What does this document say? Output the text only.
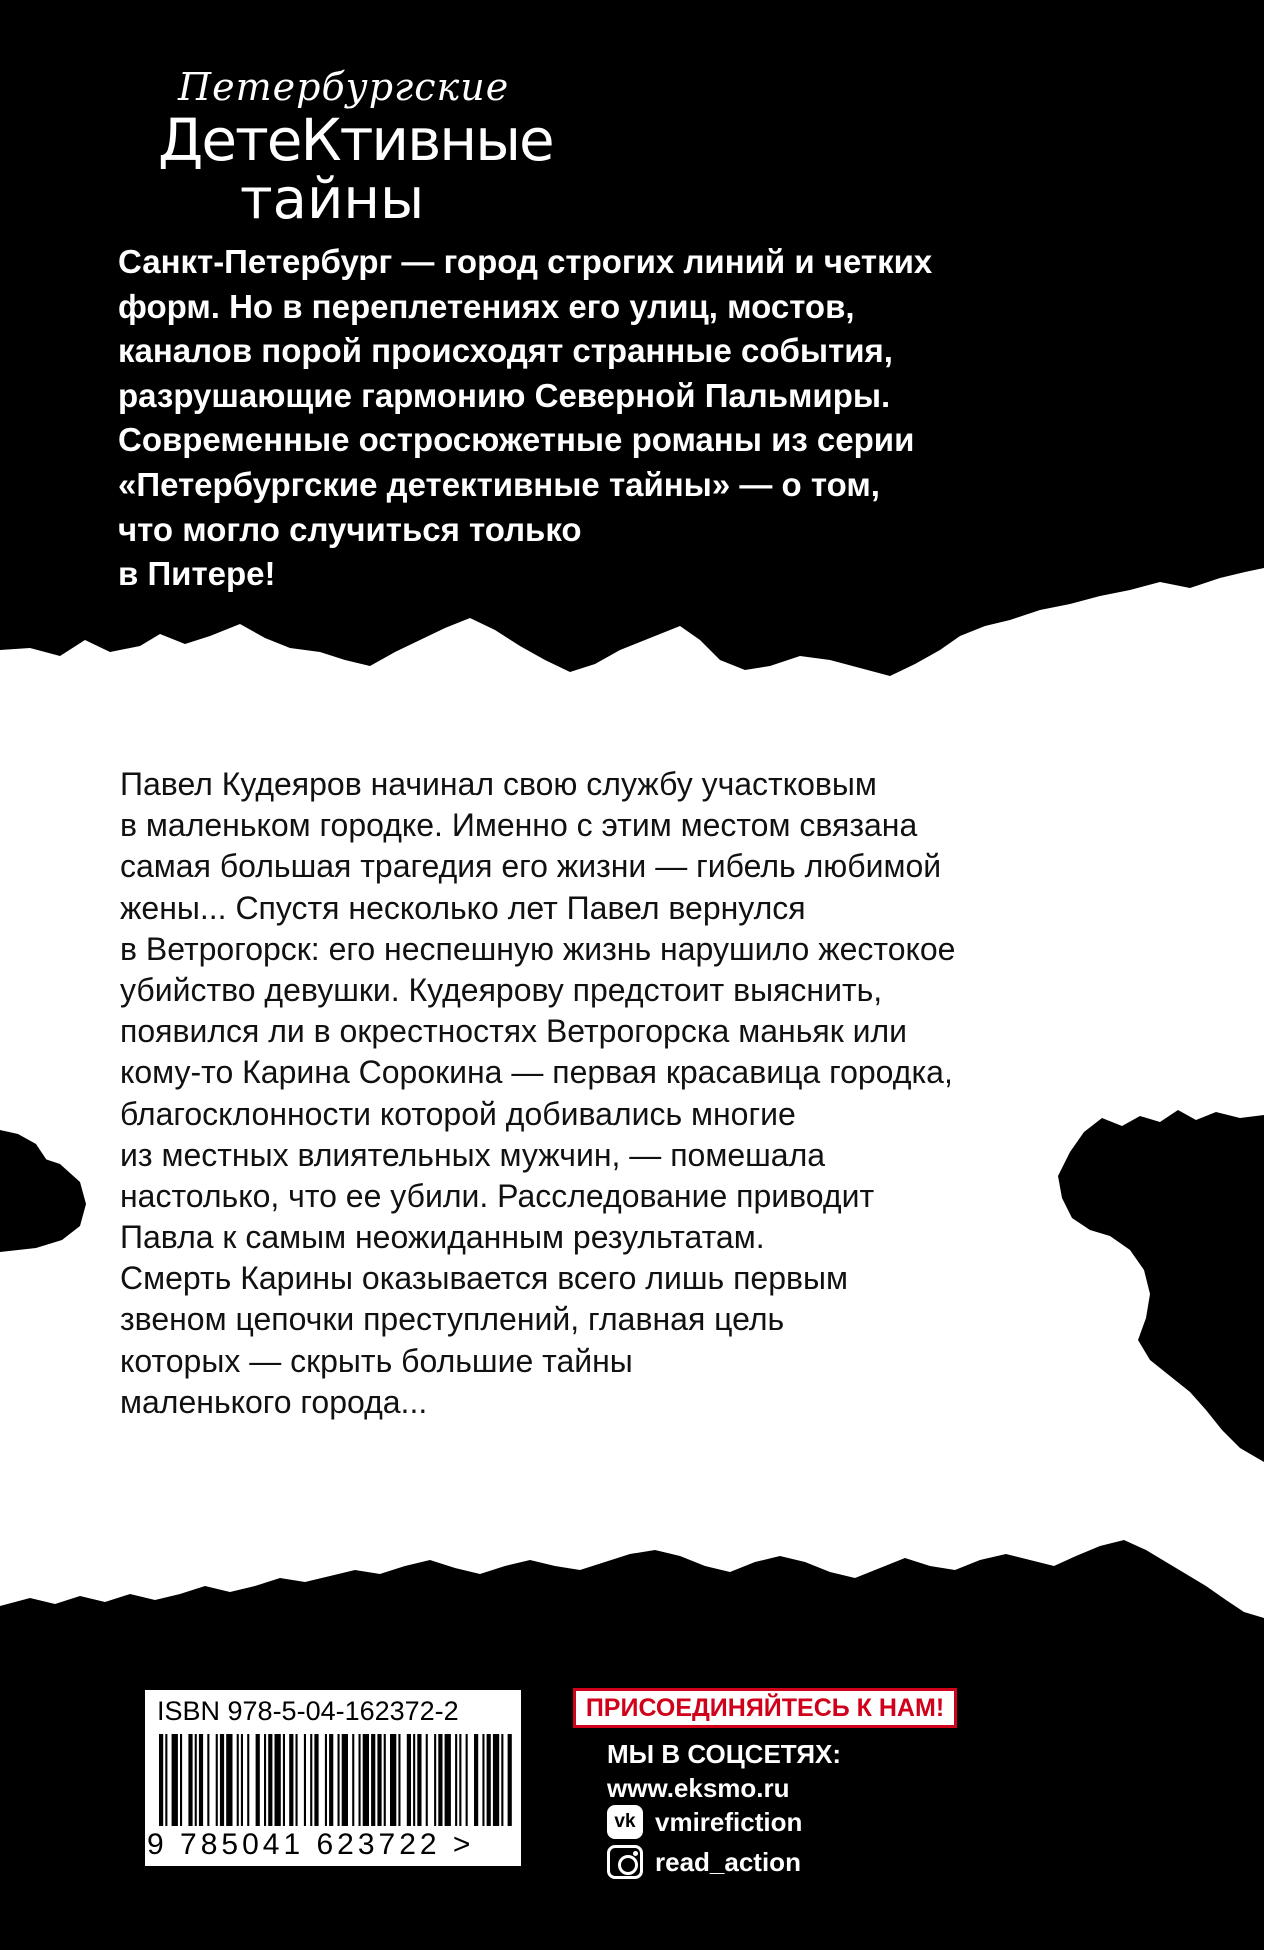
Петербургские
ДетеКтивные
тайны
Санкт-Петербург — город строгих линий и четких
форм. Но в переплетениях его улиц, мостов,
каналов порой происходят странные события,
разрушающие гармонию Северной Пальмиры.
Современные остросюжетные романы из серии
«Петербургские детективные тайны» — о том,
что могло случиться только
в Питере!
Павел Кудеяров начинал свою службу участковым
в маленьком городке. Именно с этим местом связана
самая большая трагедия его жизни — гибель любимой
жены... Спустя несколько лет Павел вернулся
в Ветрогорск: его неспешную жизнь нарушило жестокое
убийство девушки. Кудеярову предстоит выяснить,
появился ли в окрестностях Ветрогорска маньяк или
кому-то Карина Сорокина — первая красавица городка,
благосклонности которой добивались многие
из местных влиятельных мужчин, — помешала
настолько, что ее убили. Расследование приводит
Павла к самым неожиданным результатам.
Смерть Карины оказывается всего лишь первым
звеном цепочки преступлений, главная цель
которых — скрыть большие тайны
маленького города...
ISBN 978-5-04-162372-2
9 785041 623722 >
ПРИСОЕДИНЯЙТЕСЬ К НАМ!
МЫ В СОЦСЕТЯХ:
www.eksmo.ru
vk vmirefiction
read_action
